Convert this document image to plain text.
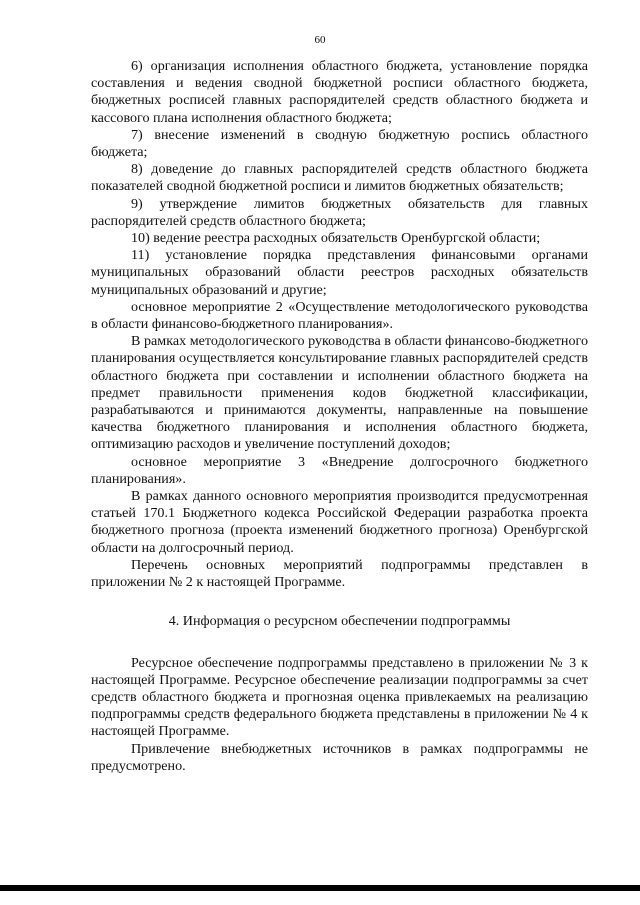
60

6) организация исполнения областного бюджета, установление порядка составления и ведения сводной бюджетной росписи областного бюджета, бюджетных росписей главных распорядителей средств областного бюджета и кассового плана исполнения областного бюджета;

7) внесение изменений в сводную бюджетную роспись областного бюджета;

8) доведение до главных распорядителей средств областного бюджета показателей сводной бюджетной росписи и лимитов бюджетных обязательств;

9) утверждение лимитов бюджетных обязательств для главных распорядителей средств областного бюджета;

10) ведение реестра расходных обязательств Оренбургской области;

11) установление порядка представления финансовыми органами муниципальных образований области реестров расходных обязательств муниципальных образований и другие;

основное мероприятие 2 «Осуществление методологического руководства в области финансово-бюджетного планирования».

В рамках методологического руководства в области финансово-бюджетного планирования осуществляется консультирование главных распорядителей средств областного бюджета при составлении и исполнении областного бюджета на предмет правильности применения кодов бюджетной классификации, разрабатываются и принимаются документы, направленные на повышение качества бюджетного планирования и исполнения областного бюджета, оптимизацию расходов и увеличение поступлений доходов;

основное мероприятие 3 «Внедрение долгосрочного бюджетного планирования».

В рамках данного основного мероприятия производится предусмотренная статьей 170.1 Бюджетного кодекса Российской Федерации разработка проекта бюджетного прогноза (проекта изменений бюджетного прогноза) Оренбургской области на долгосрочный период.

Перечень основных мероприятий подпрограммы представлен в приложении № 2 к настоящей Программе.

4. Информация о ресурсном обеспечении подпрограммы

Ресурсное обеспечение подпрограммы представлено в приложении № 3 к настоящей Программе. Ресурсное обеспечение реализации подпрограммы за счет средств областного бюджета и прогнозная оценка привлекаемых на реализацию подпрограммы средств федерального бюджета представлены в приложении № 4 к настоящей Программе.

Привлечение внебюджетных источников в рамках подпрограммы не предусмотрено.
